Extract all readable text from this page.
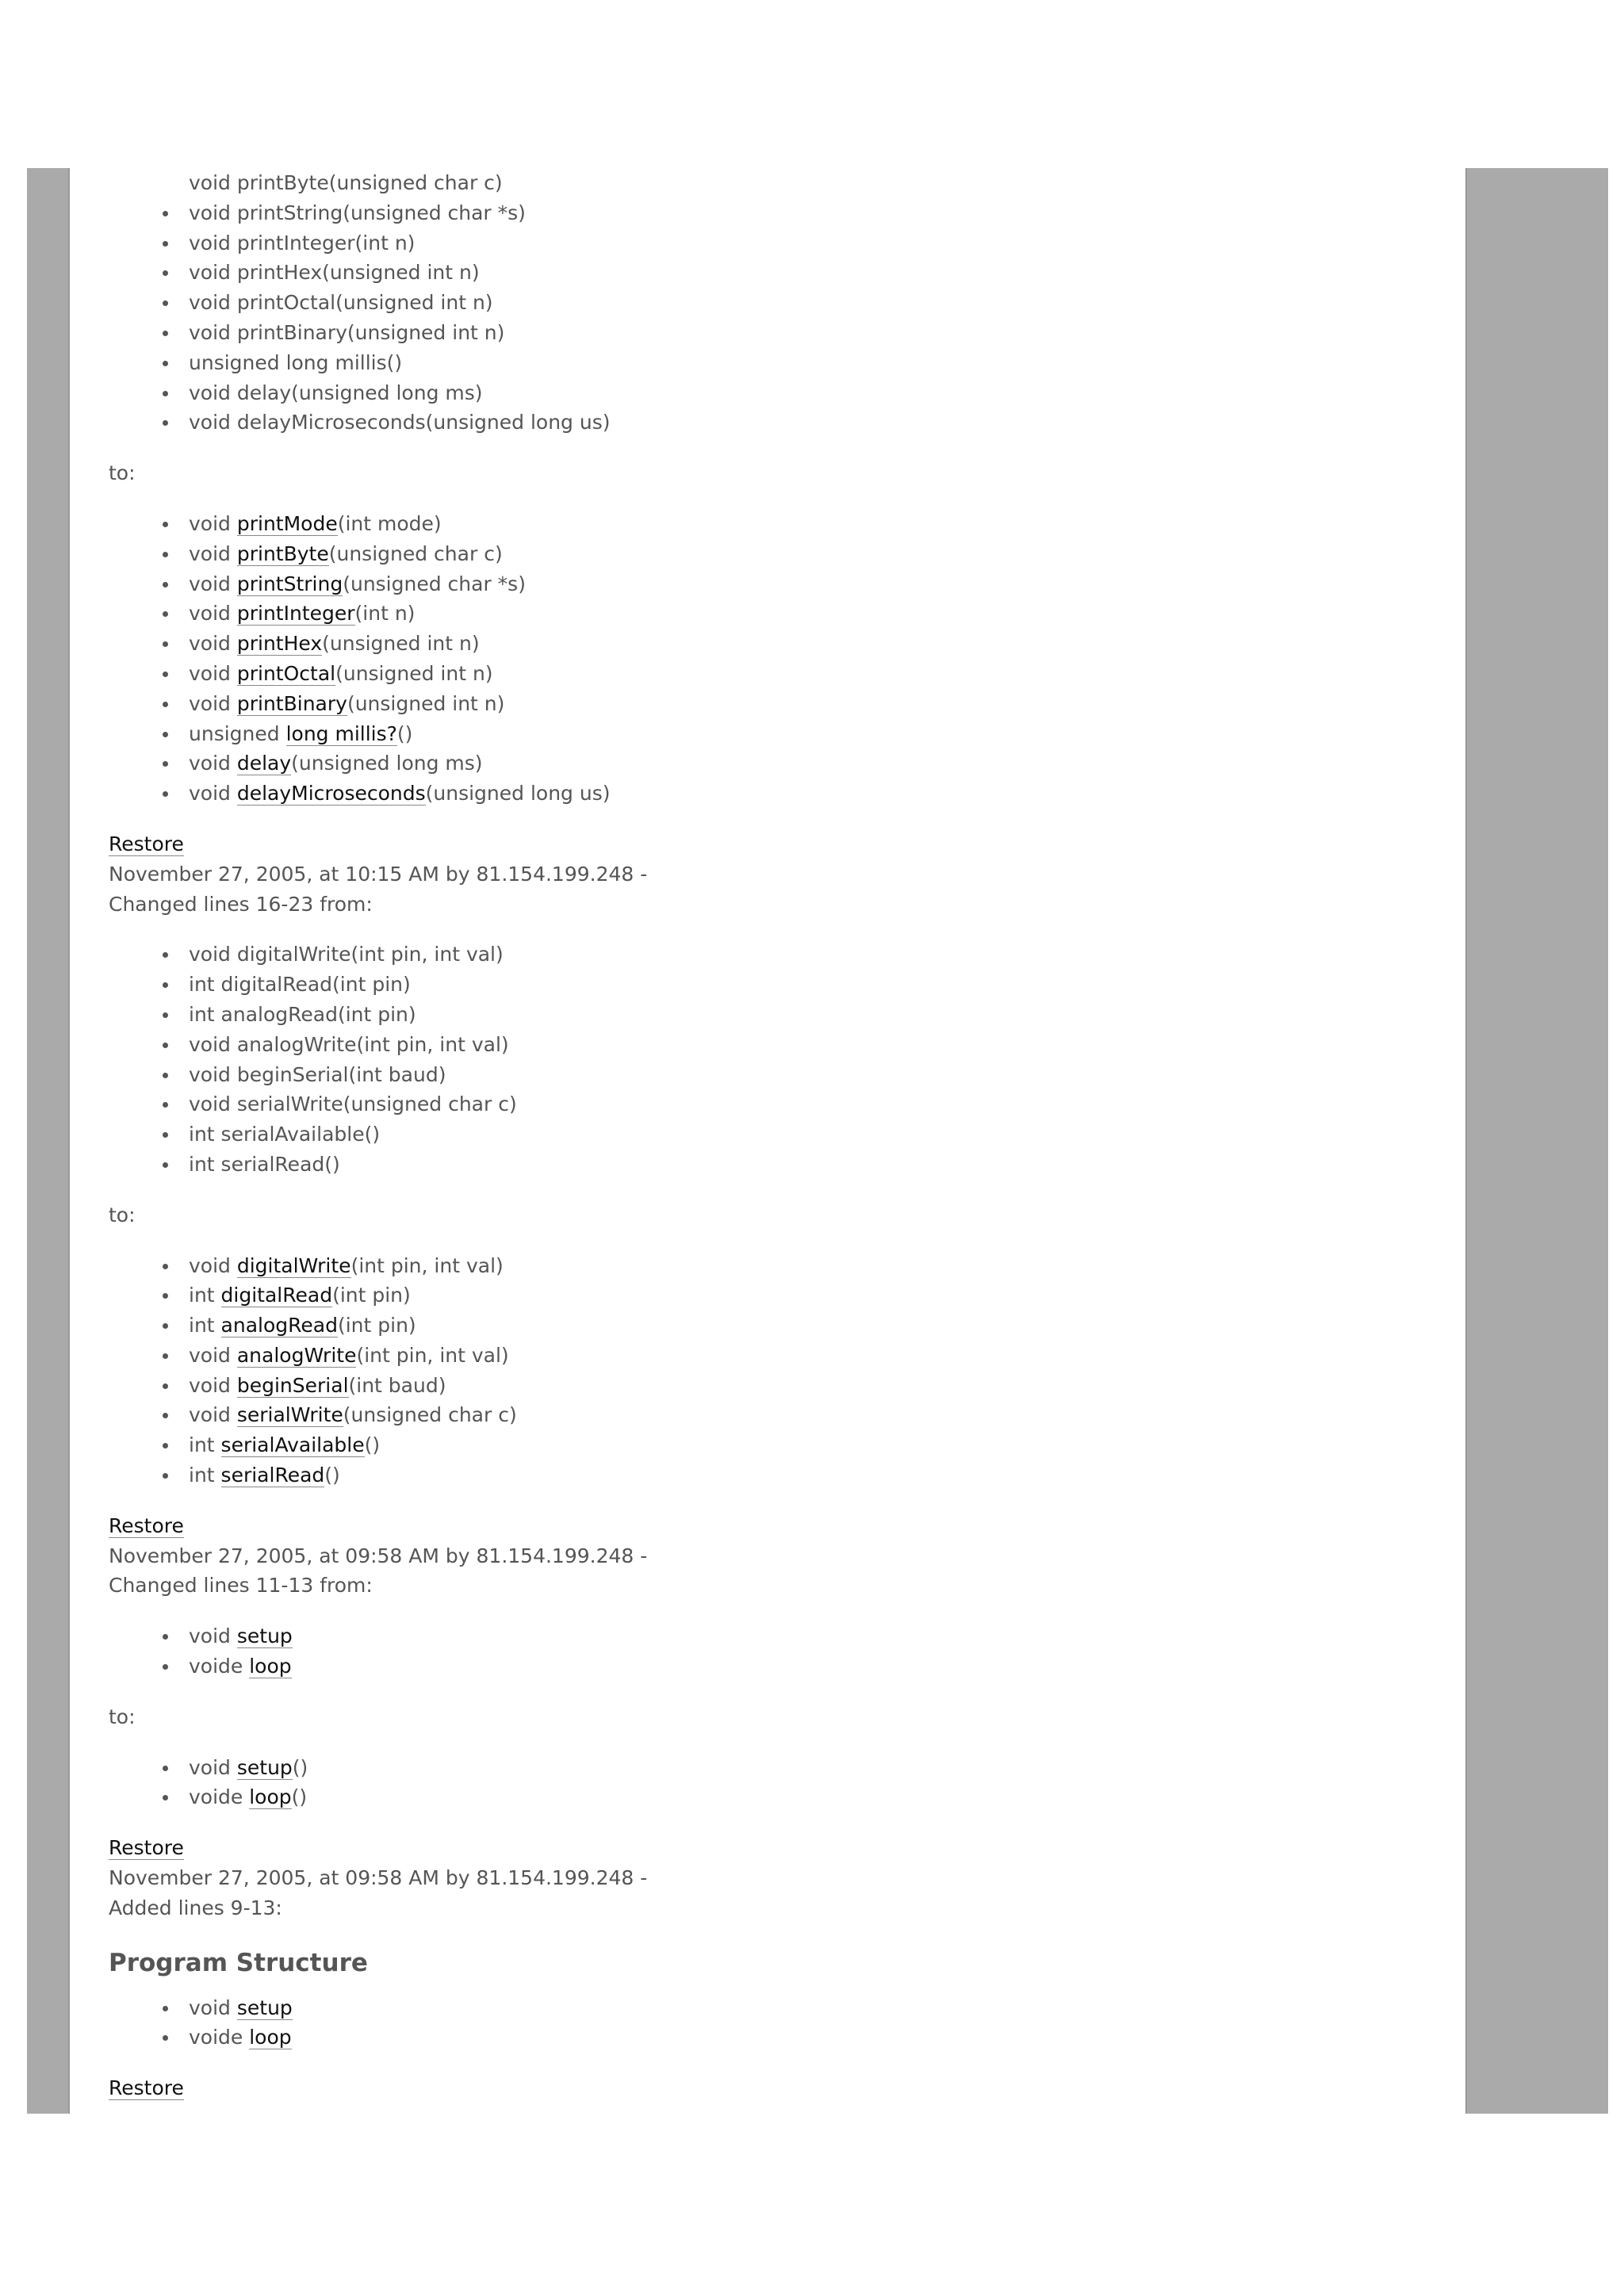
void printByte(unsigned char c)
void printString(unsigned char *s)
void printInteger(int n)
void printHex(unsigned int n)
void printOctal(unsigned int n)
void printBinary(unsigned int n)
unsigned long millis()
void delay(unsigned long ms)
void delayMicroseconds(unsigned long us)

to:

void printMode(int mode)
void printByte(unsigned char c)
void printString(unsigned char *s)
void printInteger(int n)
void printHex(unsigned int n)
void printOctal(unsigned int n)
void printBinary(unsigned int n)
unsigned long millis?()
void delay(unsigned long ms)
void delayMicroseconds(unsigned long us)

Restore

November 27, 2005, at 10:15 AM by 81.154.199.248 -

Changed lines 16-23 from:

void digitalWrite(int pin, int val)
int digitalRead(int pin)
int analogRead(int pin)
void analogWrite(int pin, int val)
void beginSerial(int baud)
void serialWrite(unsigned char c)
int serialAvailable()
int serialRead()

to:

void digitalWrite(int pin, int val)
int digitalRead(int pin)
int analogRead(int pin)
void analogWrite(int pin, int val)
void beginSerial(int baud)
void serialWrite(unsigned char c)
int serialAvailable()
int serialRead()

Restore

November 27, 2005, at 09:58 AM by 81.154.199.248 -

Changed lines 11-13 from:

void setup
voide loop

to:

void setup()
voide loop()

Restore

November 27, 2005, at 09:58 AM by 81.154.199.248 -

Added lines 9-13:

Program Structure
void setup
voide loop

Restore
